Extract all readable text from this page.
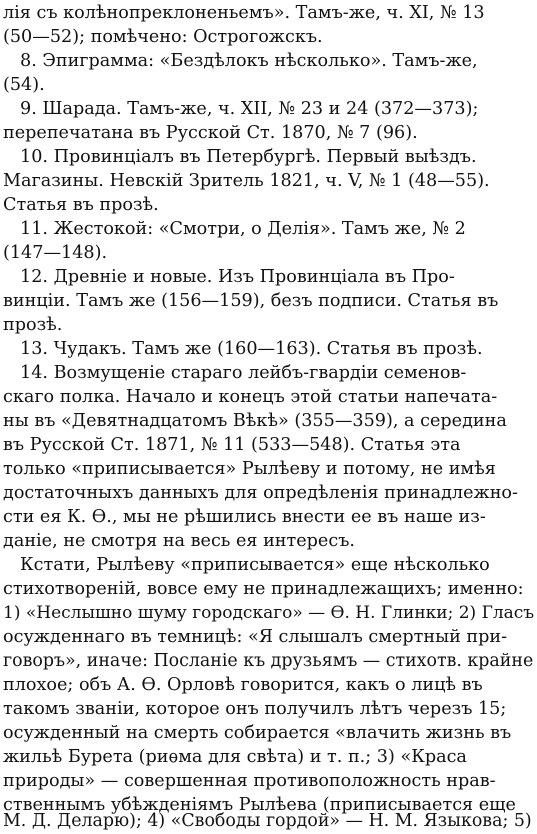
лія съ колѣнопреклоненьемъ». Тамъ-же, ч. XI, № 13
(50—52); помѣчено: Острогожскъ.
8. Эпиграмма: «Бездѣлокъ нѣсколько». Тамъ-же,
(54).
9. Шарада. Тамъ-же, ч. XII, № 23 и 24 (372—373);
перепечатана въ Русской Ст. 1870, № 7 (96).
10. Провинціалъ въ Петербургѣ. Первый выѣздъ.
Магазины. Невскій Зритель 1821, ч. V, № 1 (48—55).
Статья въ прозѣ.
11. Жестокой: «Смотри, о Делія». Тамъ же, № 2
(147—148).
12. Древніе и новые. Изъ Провинціала въ Про-
винціи. Тамъ же (156—159), безъ подписи. Статья въ
прозѣ.
13. Чудакъ. Тамъ же (160—163). Статья въ прозѣ.
14. Возмущеніе стараго лейбъ-гвардіи семенов-
скаго полка. Начало и конецъ этой статьи напечата-
ны въ «Девятнадцатомъ Вѣкѣ» (355—359), а середина
въ Русской Ст. 1871, № 11 (533—548). Статья эта
только «приписывается» Рылѣеву и потому, не имѣя
достаточныхъ данныхъ для опредѣленія принадлежно-
сти ея К. Ѳ., мы не рѣшились внести ее въ наше из-
даніе, не смотря на весь ея интересъ.
Кстати, Рылѣеву «приписывается» еще нѣсколько
стихотвореній, вовсе ему не принадлежащихъ; именно:
1) «Неслышно шуму городскаго» — Ѳ. Н. Глинки; 2) Гласъ
осужденнаго въ темницѣ: «Я слышалъ смертный при-
говоръ», иначе: Посланіе къ друзьямъ — стихотв. крайне
плохое; объ А. Ѳ. Орловѣ говорится, какъ о лицѣ въ
такомъ званіи, которое онъ получилъ лѣтъ черезъ 15;
осужденный на смерть собирается «влачить жизнь въ
жильѣ Бурета (риѳма для свѣта) и т. п.; 3) «Краса
природы» — совершенная противоположность нрав-
ственнымъ убѣжденіямъ Рылѣева (приписывается еще
М. Д. Деларю); 4) «Свободы гордой» — Н. М. Языкова; 5)
